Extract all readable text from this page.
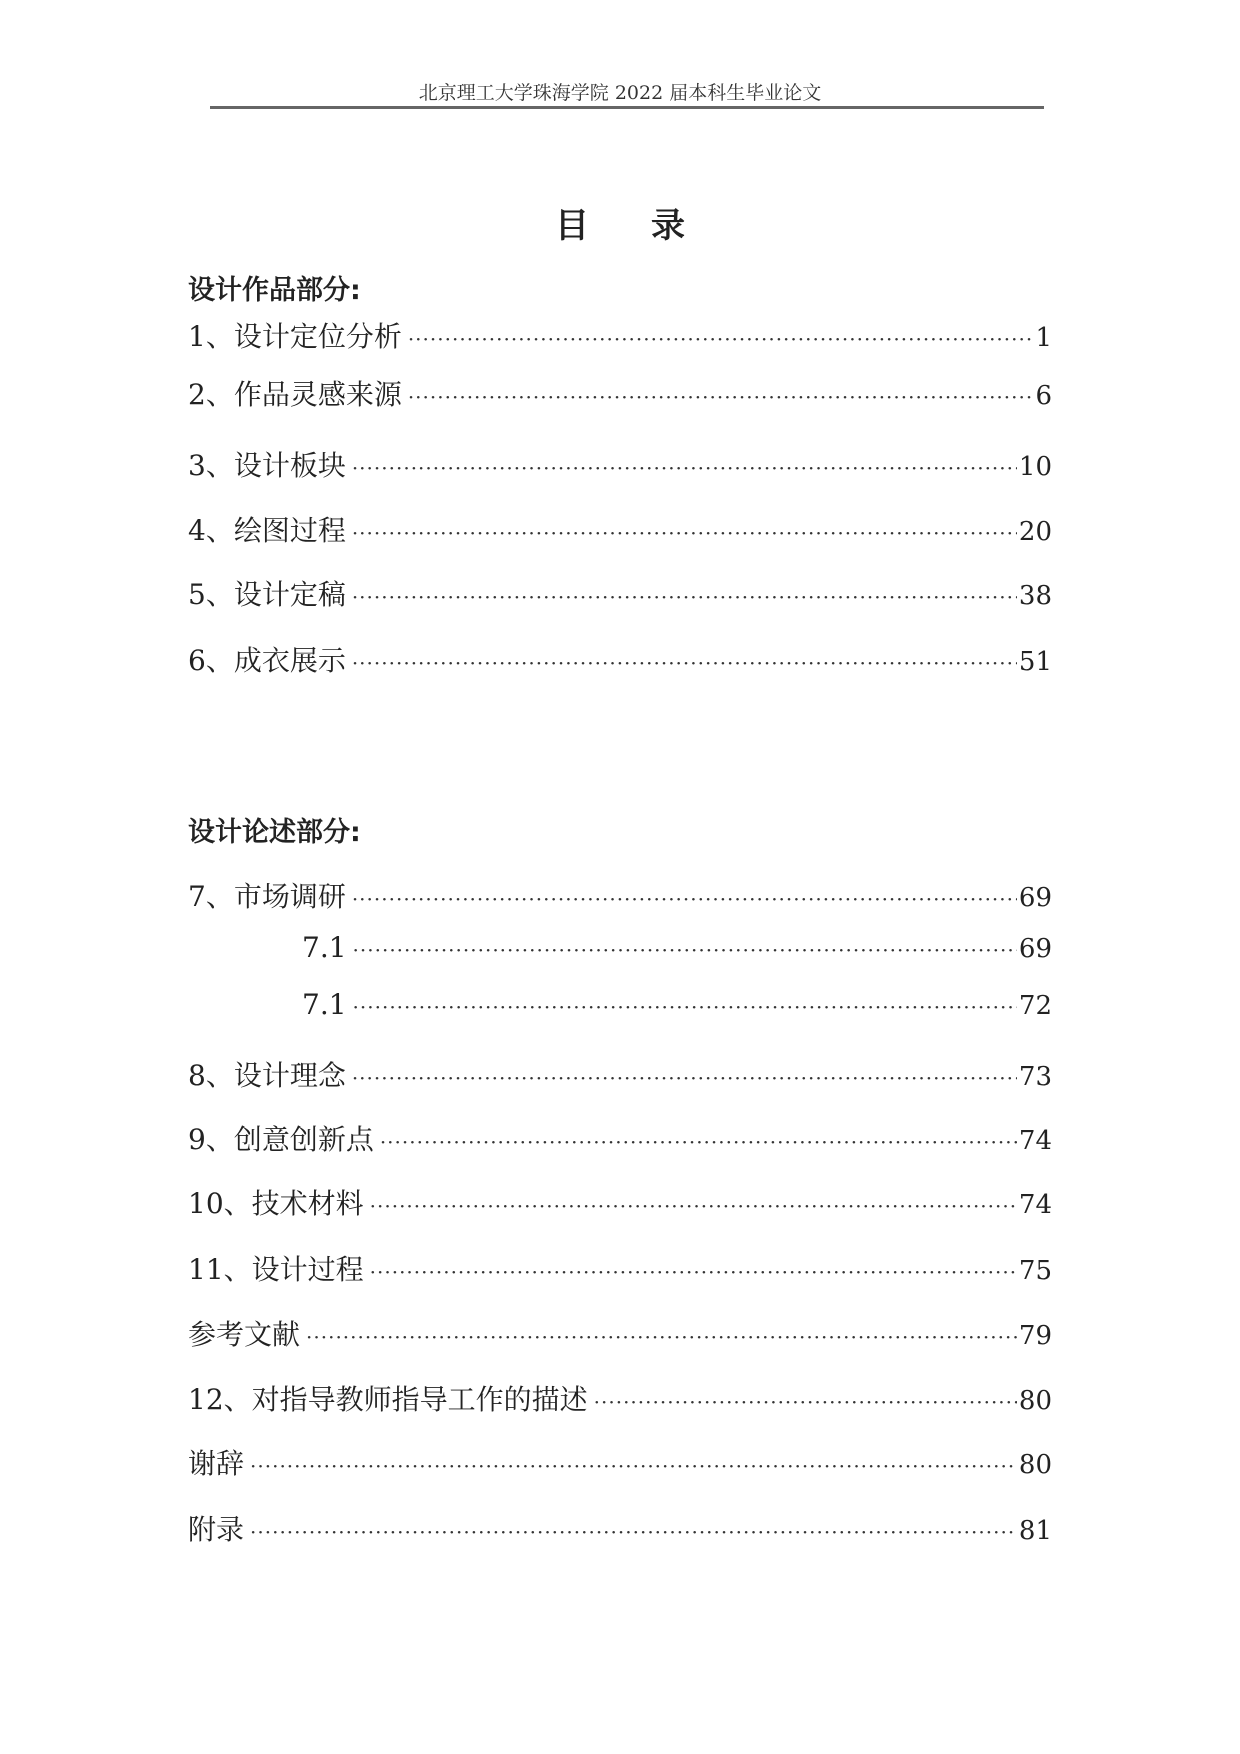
北京理工大学珠海学院 2022 届本科生毕业论文
目录
设计作品部分:
1、设计定位分析 ·····	1
2、作品灵感来源 ·····	6
3、设计板块 ·····	10
4、绘图过程 ·····	20
5、设计定稿 ·····	38
6、成衣展示 ·····	51
设计论述部分:
7、市场调研 ·····	69
7.1 ·····	69
7.1 ·····	72
8、设计理念 ·····	73
9、创意创新点 ·····	74
10、技术材料 ·····	74
11、设计过程 ·····	75
参考文献 ·····	79
12、对指导教师指导工作的描述 ·····	80
谢辞 ·····	80
附录 ·····	81
